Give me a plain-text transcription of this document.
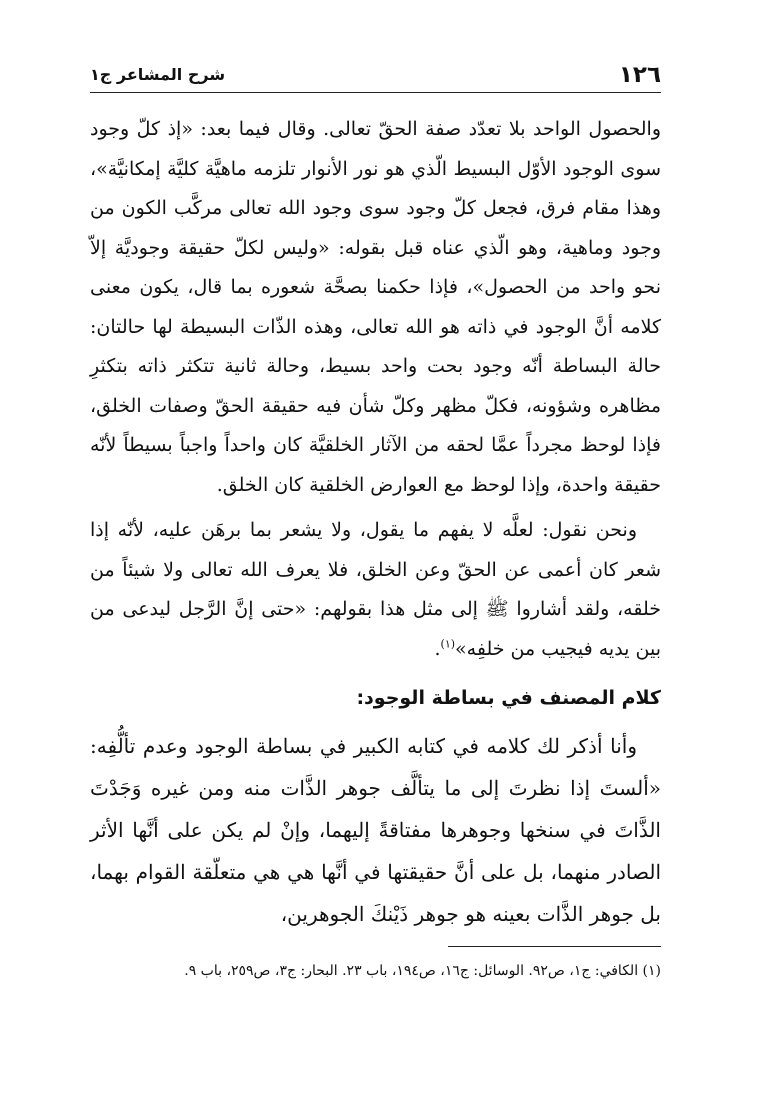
١٢٦
شرح المشاعر ج١

والحصول الواحد بلا تعدّد صفة الحقّ تعالى. وقال فيما بعد: «إذ كلّ وجود سوى الوجود الأوّل البسيط الّذي هو نور الأنوار تلزمه ماهيَّة كليَّة إمكانيَّة»، وهذا مقام فرق، فجعل كلّ وجود سوى وجود الله تعالى مركَّب الكون من وجود وماهية، وهو الّذي عناه قبل بقوله: «وليس لكلّ حقيقة وجوديَّة إلاّ نحو واحد من الحصول»، فإذا حكمنا بصحَّة شعوره بما قال، يكون معنى كلامه أنَّ الوجود في ذاته هو الله تعالى، وهذه الذّات البسيطة لها حالتان: حالة البساطة أنّه وجود بحت واحد بسيط، وحالة ثانية تتكثر ذاته بتكثرِ مظاهره وشؤونه، فكلّ مظهر وكلّ شأن فيه حقيقة الحقّ وصفات الخلق، فإذا لوحظ مجرداً عمَّا لحقه من الآثار الخلقيَّة كان واحداً واجباً بسيطاً لأنّه حقيقة واحدة، وإذا لوحظ مع العوارض الخلقية كان الخلق.

ونحن نقول: لعلَّه لا يفهم ما يقول، ولا يشعر بما برهَن عليه، لأنّه إذا شعر كان أعمى عن الحقّ وعن الخلق، فلا يعرف الله تعالى ولا شيئاً من خلقه، ولقد أشاروا ﷺ إلى مثل هذا بقولهم: «حتى إنَّ الرَّجل ليدعى من بين يديه فيجيب من خلفِه»$^{(١)}$.

كلام المصنف في بساطة الوجود:

وأنا أذكر لك كلامه في كتابه الكبير في بساطة الوجود وعدم تألُّفِه: «ألستَ إذا نظرتَ إلى ما يتألَّف جوهر الذَّات منه ومن غيره وَجَدْتَ الذَّاتَ في سنخها وجوهرها مفتاقةً إليهما، وإنْ لم يكن على أنَّها الأثر الصادر منهما، بل على أنَّ حقيقتها في أنَّها هي هي متعلّقة القوام بهما، بل جوهر الذَّات بعينه هو جوهر ذَيْنكَ الجوهرين،

(١) الكافي: ج١، ص٩٢. الوسائل: ج١٦، ص١٩٤، باب ٢٣. البحار: ج٣، ص٢٥٩، باب ٩.
